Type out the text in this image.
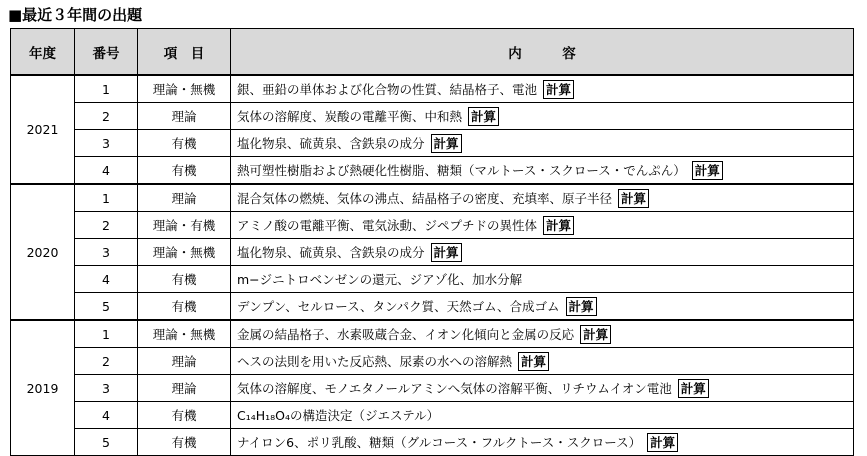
■最近３年間の出題
年度	番号	項　目	内　　　容
2021	1	理論・無機	銀、亜鉛の単体および化合物の性質、結晶格子、電池 計算
	2	理論	気体の溶解度、炭酸の電離平衡、中和熱 計算
	3	有機	塩化物泉、硫黄泉、含鉄泉の成分 計算
	4	有機	熱可塑性樹脂および熱硬化性樹脂、糖類（マルトース・スクロース・でんぷん） 計算
2020	1	理論	混合気体の燃焼、気体の沸点、結晶格子の密度、充填率、原子半径 計算
	2	理論・有機	アミノ酸の電離平衡、電気泳動、ジペプチドの異性体 計算
	3	理論・無機	塩化物泉、硫黄泉、含鉄泉の成分 計算
	4	有機	m−ジニトロベンゼンの還元、ジアゾ化、加水分解
	5	有機	デンプン、セルロース、タンパク質、天然ゴム、合成ゴム 計算
2019	1	理論・無機	金属の結晶格子、水素吸蔵合金、イオン化傾向と金属の反応 計算
	2	理論	ヘスの法則を用いた反応熱、尿素の水への溶解熱 計算
	3	理論	気体の溶解度、モノエタノールアミンへ気体の溶解平衡、リチウムイオン電池 計算
	4	有機	C₁₄H₁₈O₄の構造決定（ジエステル）
	5	有機	ナイロン6、ポリ乳酸、糖類（グルコース・フルクトース・スクロース） 計算
